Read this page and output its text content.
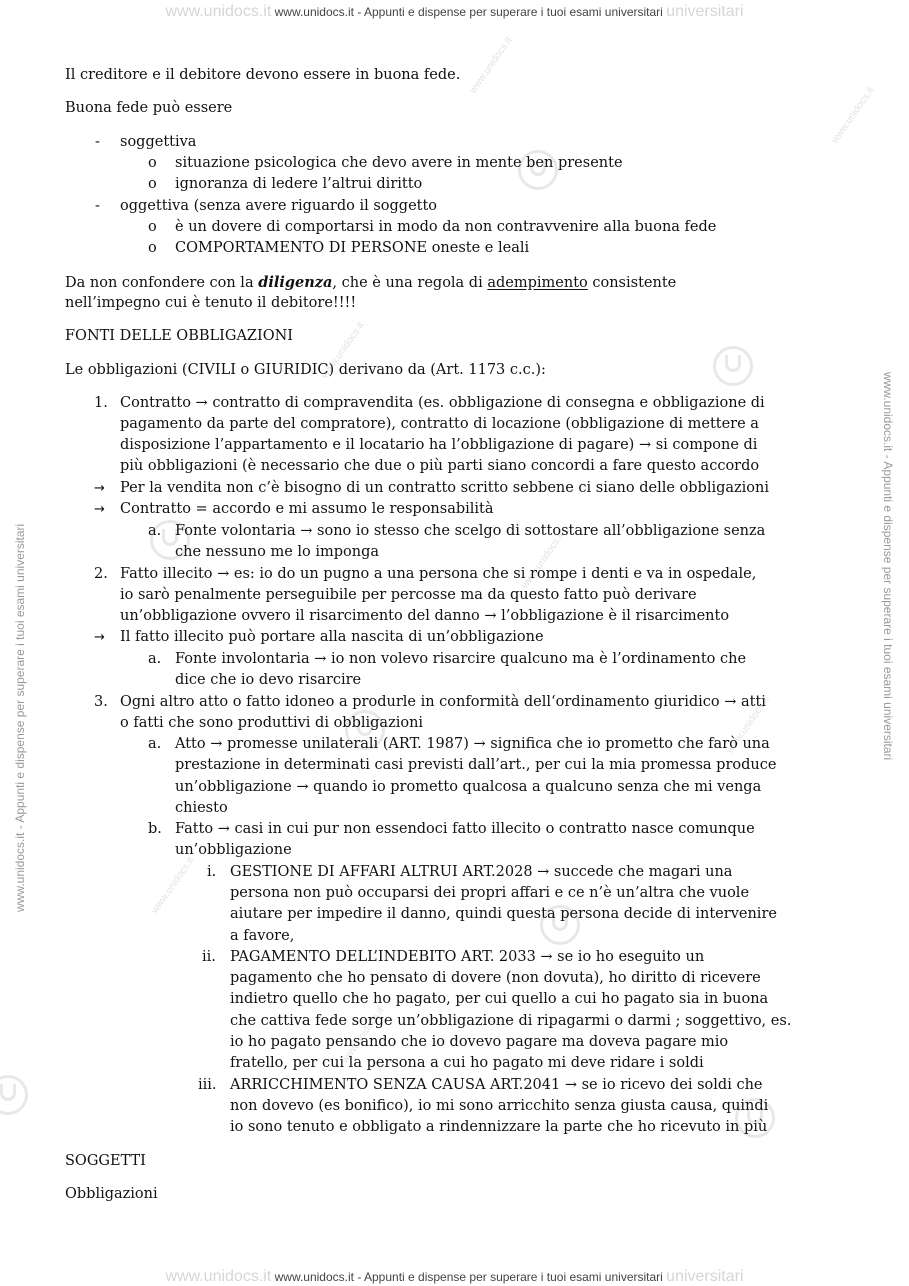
www.unidocs.it www.unidocs.it - Appunti e dispense per superare i tuoi esami universitari universitari
www.unidocs.it www.unidocs.it - Appunti e dispense per superare i tuoi esami universitari universitari
www.unidocs.it - Appunti e dispense per superare i tuoi esami universitari	www.unidocs.it - Appunti e dispense per superare i tuoi esami universitari
www.unidocs.it
www.unidocs.it
www.unidocs.it
www.unidocs.it
www.unidocs.it
www.unidocs.it
www.unidocs.it
Il creditore e il debitore devono essere in buona fede.
Buona fede può essere
- soggettiva
o situazione psicologica che devo avere in mente ben presente
o ignoranza di ledere l’altrui diritto
- oggettiva (senza avere riguardo il soggetto
o è un dovere di comportarsi in modo da non contravvenire alla buona fede
o COMPORTAMENTO DI PERSONE oneste e leali
Da non confondere con la diligenza, che è una regola di adempimento consistente
nell’impegno cui è tenuto il debitore!!!!
FONTI DELLE OBBLIGAZIONI
Le obbligazioni (CIVILI o GIURIDIC) derivano da (Art. 1173 c.c.):
1. Contratto → contratto di compravendita (es. obbligazione di consegna e obbligazione di
pagamento da parte del compratore), contratto di locazione (obbligazione di mettere a
disposizione l’appartamento e il locatario ha l’obbligazione di pagare) → si compone di
più obbligazioni (è necessario che due o più parti siano concordi a fare questo accordo
→ Per la vendita non c’è bisogno di un contratto scritto sebbene ci siano delle obbligazioni
→ Contratto = accordo e mi assumo le responsabilità
a. Fonte volontaria → sono io stesso che scelgo di sottostare all’obbligazione senza
che nessuno me lo imponga
2. Fatto illecito → es: io do un pugno a una persona che si rompe i denti e va in ospedale,
io sarò penalmente perseguibile per percosse ma da questo fatto può derivare
un’obbligazione ovvero il risarcimento del danno → l’obbligazione è il risarcimento
→ Il fatto illecito può portare alla nascita di un’obbligazione
a. Fonte involontaria → io non volevo risarcire qualcuno ma è l’ordinamento che
dice che io devo risarcire
3. Ogni altro atto o fatto idoneo a produrle in conformità dell‘ordinamento giuridico → atti
o fatti che sono produttivi di obbligazioni
a. Atto → promesse unilaterali (ART. 1987) → significa che io prometto che farò una
prestazione in determinati casi previsti dall’art., per cui la mia promessa produce
un’obbligazione → quando io prometto qualcosa a qualcuno senza che mi venga
chiesto
b. Fatto → casi in cui pur non essendoci fatto illecito o contratto nasce comunque
un’obbligazione
i. GESTIONE DI AFFARI ALTRUI ART.2028 → succede che magari una
persona non può occuparsi dei propri affari e ce n’è un’altra che vuole
aiutare per impedire il danno, quindi questa persona decide di intervenire
a favore,
ii. PAGAMENTO DELL’INDEBITO ART. 2033 → se io ho eseguito un
pagamento che ho pensato di dovere (non dovuta), ho diritto di ricevere
indietro quello che ho pagato, per cui quello a cui ho pagato sia in buona
che cattiva fede sorge un’obbligazione di ripagarmi o darmi ; soggettivo, es.
io ho pagato pensando che io dovevo pagare ma doveva pagare mio
fratello, per cui la persona a cui ho pagato mi deve ridare i soldi
iii. ARRICCHIMENTO SENZA CAUSA ART.2041 → se io ricevo dei soldi che
non dovevo (es bonifico), io mi sono arricchito senza giusta causa, quindi
io sono tenuto e obbligato a rindennizzare la parte che ho ricevuto in più
SOGGETTI
Obbligazioni
